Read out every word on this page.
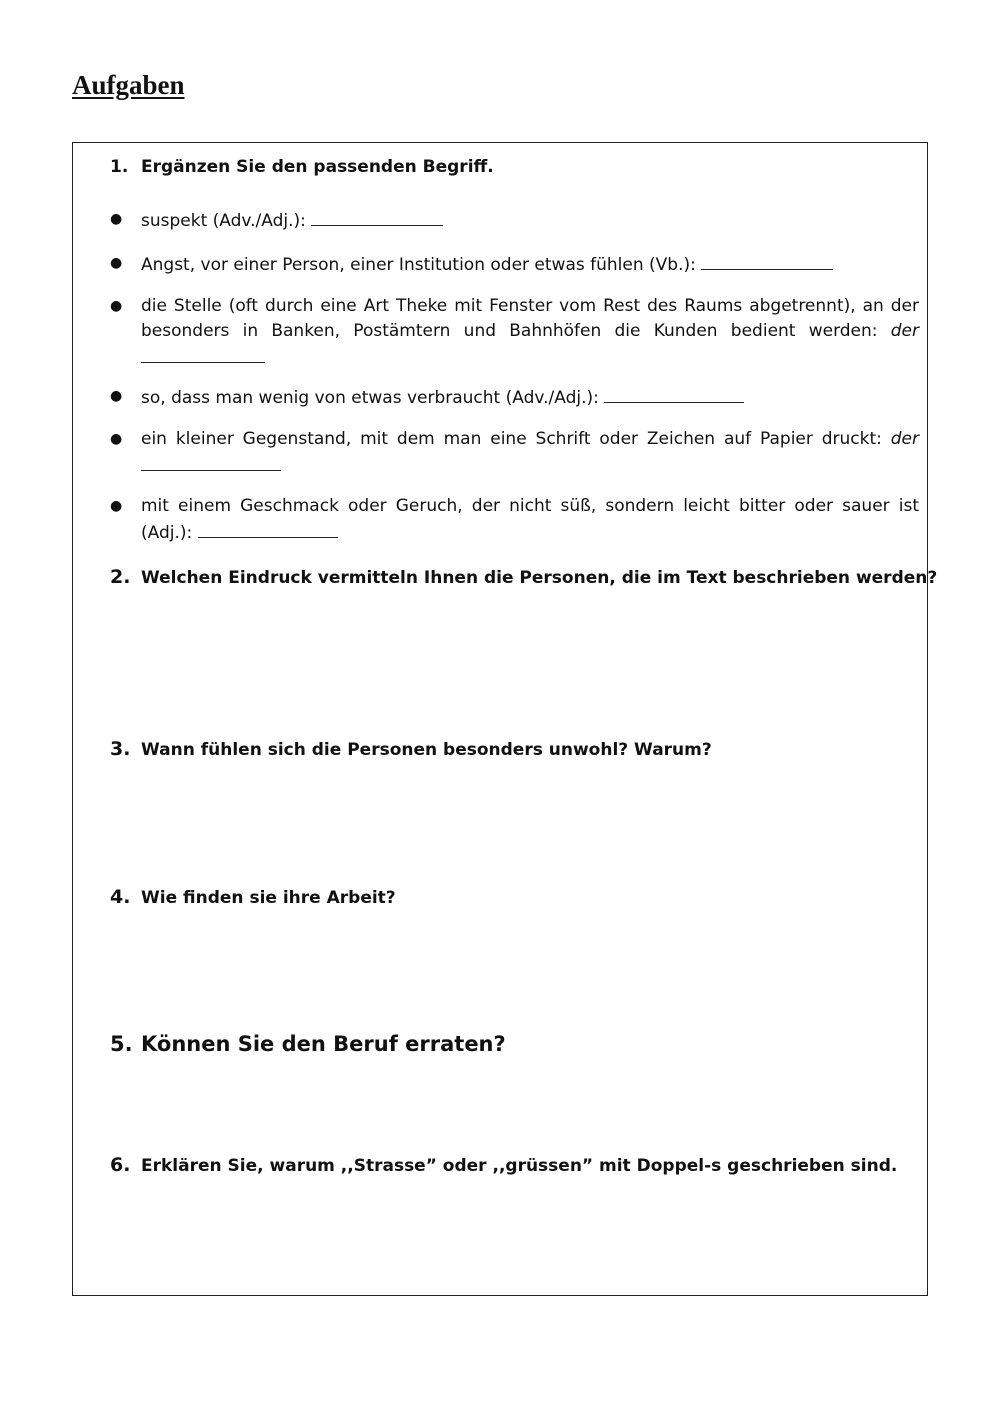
Aufgaben
1. Ergänzen Sie den passenden Begriff.
● suspekt (Adv./Adj.):
● Angst, vor einer Person, einer Institution oder etwas fühlen (Vb.):
● die Stelle (oft durch eine Art Theke mit Fenster vom Rest des Raums abgetrennt), an der besonders in Banken, Postämtern und Bahnhöfen die Kunden bedient werden: der
● so, dass man wenig von etwas verbraucht (Adv./Adj.):
● ein kleiner Gegenstand, mit dem man eine Schrift oder Zeichen auf Papier druckt: der
● mit einem Geschmack oder Geruch, der nicht süß, sondern leicht bitter oder sauer ist (Adj.):
2. Welchen Eindruck vermitteln Ihnen die Personen, die im Text beschrieben werden?
3. Wann fühlen sich die Personen besonders unwohl? Warum?
4. Wie finden sie ihre Arbeit?
5. Können Sie den Beruf erraten?
6. Erklären Sie, warum ,,Strasse” oder ,,grüssen” mit Doppel-s geschrieben sind.
